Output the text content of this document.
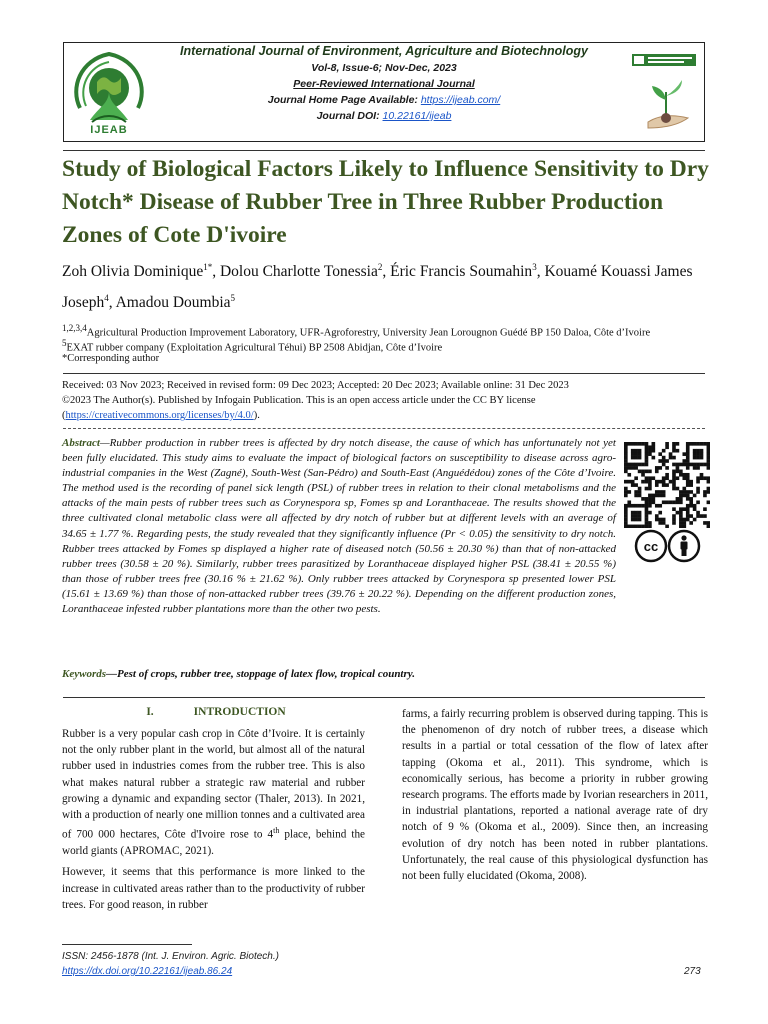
IJEAB
International Journal of Environment, Agriculture and Biotechnology
Vol-8, Issue-6; Nov-Dec, 2023
Peer-Reviewed International Journal
Journal Home Page Available: https://ijeab.com/
Journal DOI: 10.22161/ijeab
Study of Biological Factors Likely to Influence Sensitivity to Dry Notch* Disease of Rubber Tree in Three Rubber Production Zones of Cote D'ivoire
Zoh Olivia Dominique$^{1*}$, Dolou Charlotte Tonessia$^2$, Éric Francis Soumahin$^3$, Kouamé Kouassi James Joseph$^4$, Amadou Doumbia$^5$
$^{1,2,3,4}$Agricultural Production Improvement Laboratory, UFR-Agroforestry, University Jean Lorougnon Guédé BP 150 Daloa, Côte d’Ivoire
$^5$EXAT rubber company (Exploitation Agricultural Téhui) BP 2508 Abidjan, Côte d’Ivoire
*Corresponding author
Received: 03 Nov 2023; Received in revised form: 09 Dec 2023; Accepted: 20 Dec 2023; Available online: 31 Dec 2023
©2023 The Author(s). Published by Infogain Publication. This is an open access article under the CC BY license
(https://creativecommons.org/licenses/by/4.0/).
Abstract—Rubber production in rubber trees is affected by dry notch disease, the cause of which has unfortunately not yet been fully elucidated. This study aims to evaluate the impact of biological factors on susceptibility to disease across agro-industrial companies in the West (Zagné), South-West (San-Pédro) and South-East (Anguédédou) zones of the Côte d’Ivoire. The method used is the recording of panel sick length (PSL) of rubber trees in relation to their clonal metabolisms and the attacks of the main pests of rubber trees such as Corynespora sp, Fomes sp and Loranthaceae. The results showed that the three cultivated clonal metabolic class were all affected by dry notch of rubber but at different levels with an average of 34.65 ± 1.77 %. Regarding pests, the study revealed that they significantly influence (Pr < 0.05) the sensitivity to dry notch. Rubber trees attacked by Fomes sp displayed a higher rate of diseased notch (50.56 ± 20.30 %) than that of non-attacked rubber trees (30.58 ± 20 %). Similarly, rubber trees parasitized by Loranthaceae displayed higher PSL (38.41 ± 20.55 %) than those of rubber trees free (30.16 % ± 21.62 %). Only rubber trees attacked by Corynespora sp presented lower PSL (15.61 ± 13.69 %) than those of non-attacked rubber trees (39.76 ± 20.22 %). Depending on the different production zones, Loranthaceae infested rubber plantations more than the other two pests.
cc
Keywords—Pest of crops, rubber tree, stoppage of latex flow, tropical country.
I.	INTRODUCTION

Rubber is a very popular cash crop in Côte d’Ivoire. It is certainly not the only rubber plant in the world, but almost all of the natural rubber used in industries comes from the rubber tree. This is also what makes natural rubber a strategic raw material and rubber growing a dynamic and expanding sector (Thaler, 2013). In 2021, with a production of nearly one million tonnes and a cultivated area of 700 000 hectares, Côte d'Ivoire rose to 4th place, behind the world giants (APROMAC, 2021).

However, it seems that this performance is more linked to the increase in cultivated areas rather than to the productivity of rubber trees. For good reason, in rubber

farms, a fairly recurring problem is observed during tapping. This is the phenomenon of dry notch of rubber trees, a disease which results in a partial or total cessation of the flow of latex after tapping (Okoma et al., 2011). This syndrome, which is economically serious, has become a priority in rubber growing research programs. The efforts made by Ivorian researchers in 2011, in industrial plantations, reported a national average rate of dry notch of 9 % (Okoma et al., 2009). Since then, an increasing evolution of dry notch has been noted in rubber plantations. Unfortunately, the real cause of this physiological dysfunction has not been fully elucidated (Okoma, 2008).

ISSN: 2456-1878 (Int. J. Environ. Agric. Biotech.)
https://dx.doi.org/10.22161/ijeab.86.24	273
